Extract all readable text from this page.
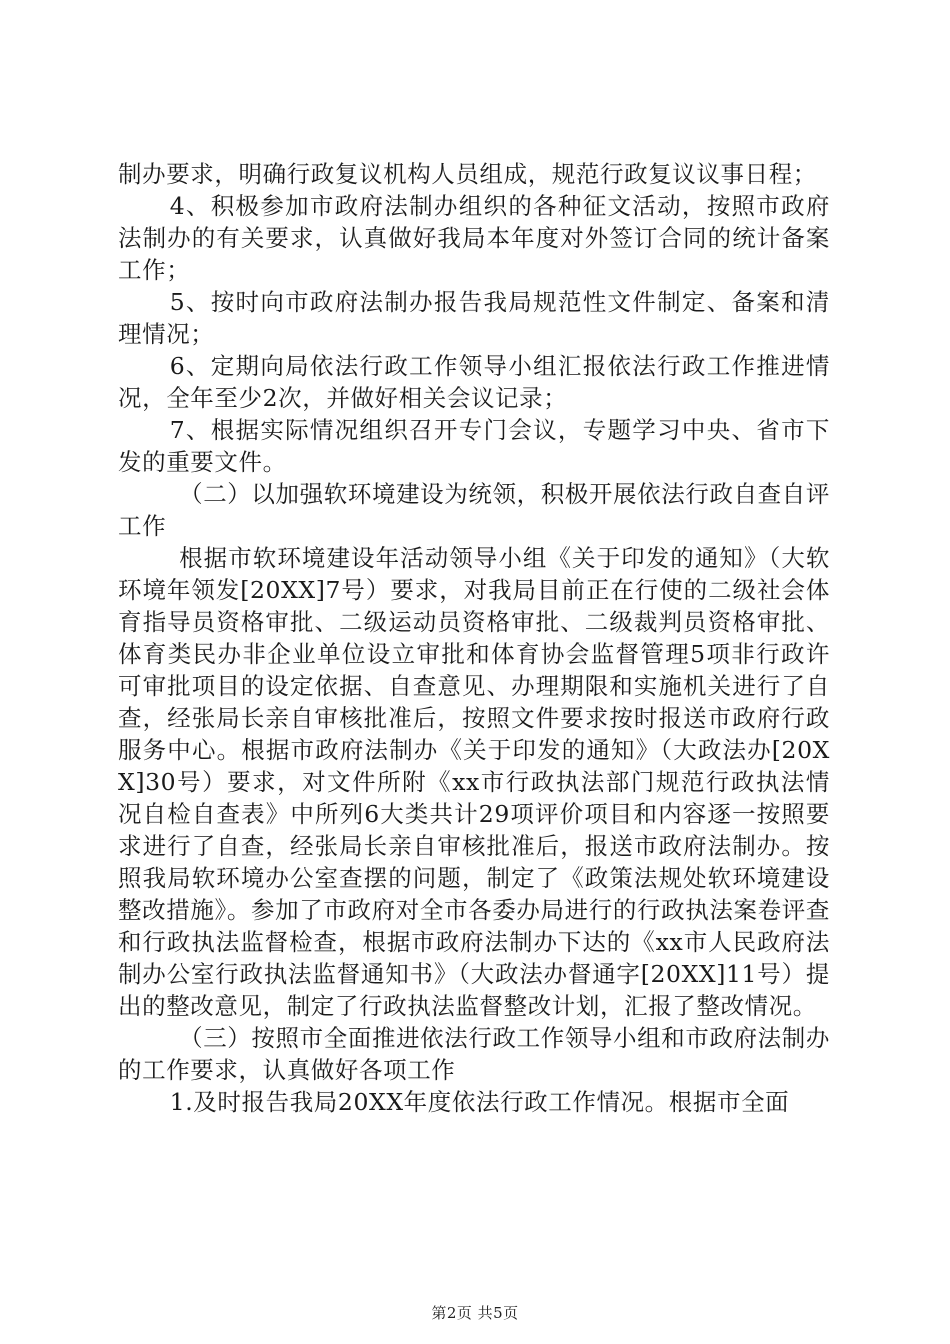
制办要求，明确行政复议机构人员组成，规范行政复议议事日程；

4、积极参加市政府法制办组织的各种征文活动，按照市政府法制办的有关要求，认真做好我局本年度对外签订合同的统计备案工作；

5、按时向市政府法制办报告我局规范性文件制定、备案和清理情况；

6、定期向局依法行政工作领导小组汇报依法行政工作推进情况，全年至少2次，并做好相关会议记录；

7、根据实际情况组织召开专门会议，专题学习中央、省市下发的重要文件。

（二）以加强软环境建设为统领，积极开展依法行政自查自评工作

根据市软环境建设年活动领导小组《关于印发的通知》（大软环境年领发[20XX]7号）要求，对我局目前正在行使的二级社会体育指导员资格审批、二级运动员资格审批、二级裁判员资格审批、体育类民办非企业单位设立审批和体育协会监督管理5项非行政许可审批项目的设定依据、自查意见、办理期限和实施机关进行了自查，经张局长亲自审核批准后，按照文件要求按时报送市政府行政服务中心。根据市政府法制办《关于印发的通知》（大政法办[20XX]30号）要求，对文件所附《xx市行政执法部门规范行政执法情况自检自查表》中所列6大类共计29项评价项目和内容逐一按照要求进行了自查，经张局长亲自审核批准后，报送市政府法制办。按照我局软环境办公室查摆的问题，制定了《政策法规处软环境建设整改措施》。参加了市政府对全市各委办局进行的行政执法案卷评查和行政执法监督检查，根据市政府法制办下达的《xx市人民政府法制办公室行政执法监督通知书》（大政法办督通字[20XX]11号）提出的整改意见，制定了行政执法监督整改计划，汇报了整改情况。

（三）按照市全面推进依法行政工作领导小组和市政府法制办的工作要求，认真做好各项工作

1.及时报告我局20XX年度依法行政工作情况。根据市全面

第2页 共5页
